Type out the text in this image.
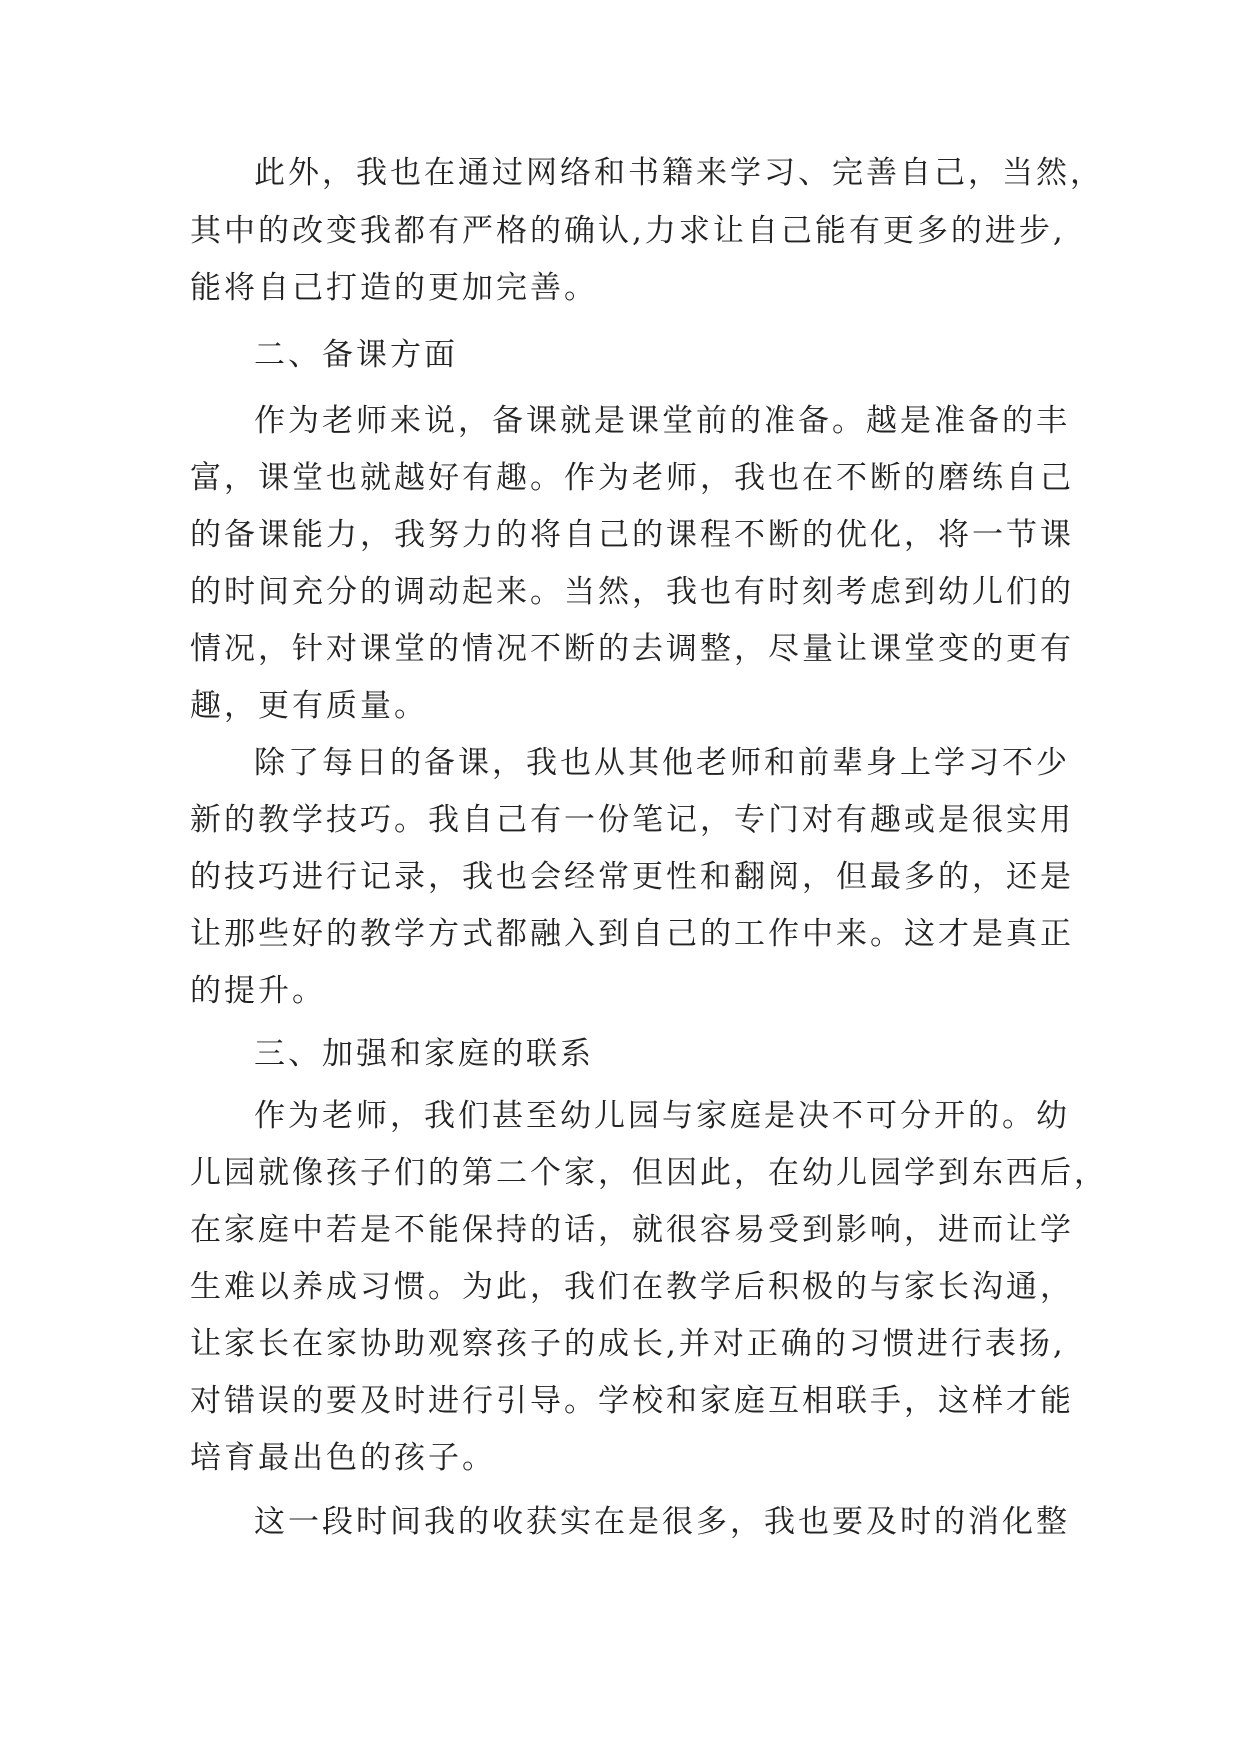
此外，我也在通过网络和书籍来学习、完善自己，当然，

其中的改变我都有严格的确认,力求让自己能有更多的进步,

能将自己打造的更加完善。

二、备课方面

作为老师来说，备课就是课堂前的准备。越是准备的丰

富，课堂也就越好有趣。作为老师，我也在不断的磨练自己

的备课能力，我努力的将自己的课程不断的优化，将一节课

的时间充分的调动起来。当然，我也有时刻考虑到幼儿们的

情况，针对课堂的情况不断的去调整，尽量让课堂变的更有

趣，更有质量。

除了每日的备课，我也从其他老师和前辈身上学习不少

新的教学技巧。我自己有一份笔记，专门对有趣或是很实用

的技巧进行记录，我也会经常更性和翻阅，但最多的，还是

让那些好的教学方式都融入到自己的工作中来。这才是真正

的提升。

三、加强和家庭的联系

作为老师，我们甚至幼儿园与家庭是决不可分开的。幼

儿园就像孩子们的第二个家，但因此，在幼儿园学到东西后，

在家庭中若是不能保持的话，就很容易受到影响，进而让学

生难以养成习惯。为此，我们在教学后积极的与家长沟通，

让家长在家协助观察孩子的成长,并对正确的习惯进行表扬,

对错误的要及时进行引导。学校和家庭互相联手，这样才能

培育最出色的孩子。

这一段时间我的收获实在是很多，我也要及时的消化整
